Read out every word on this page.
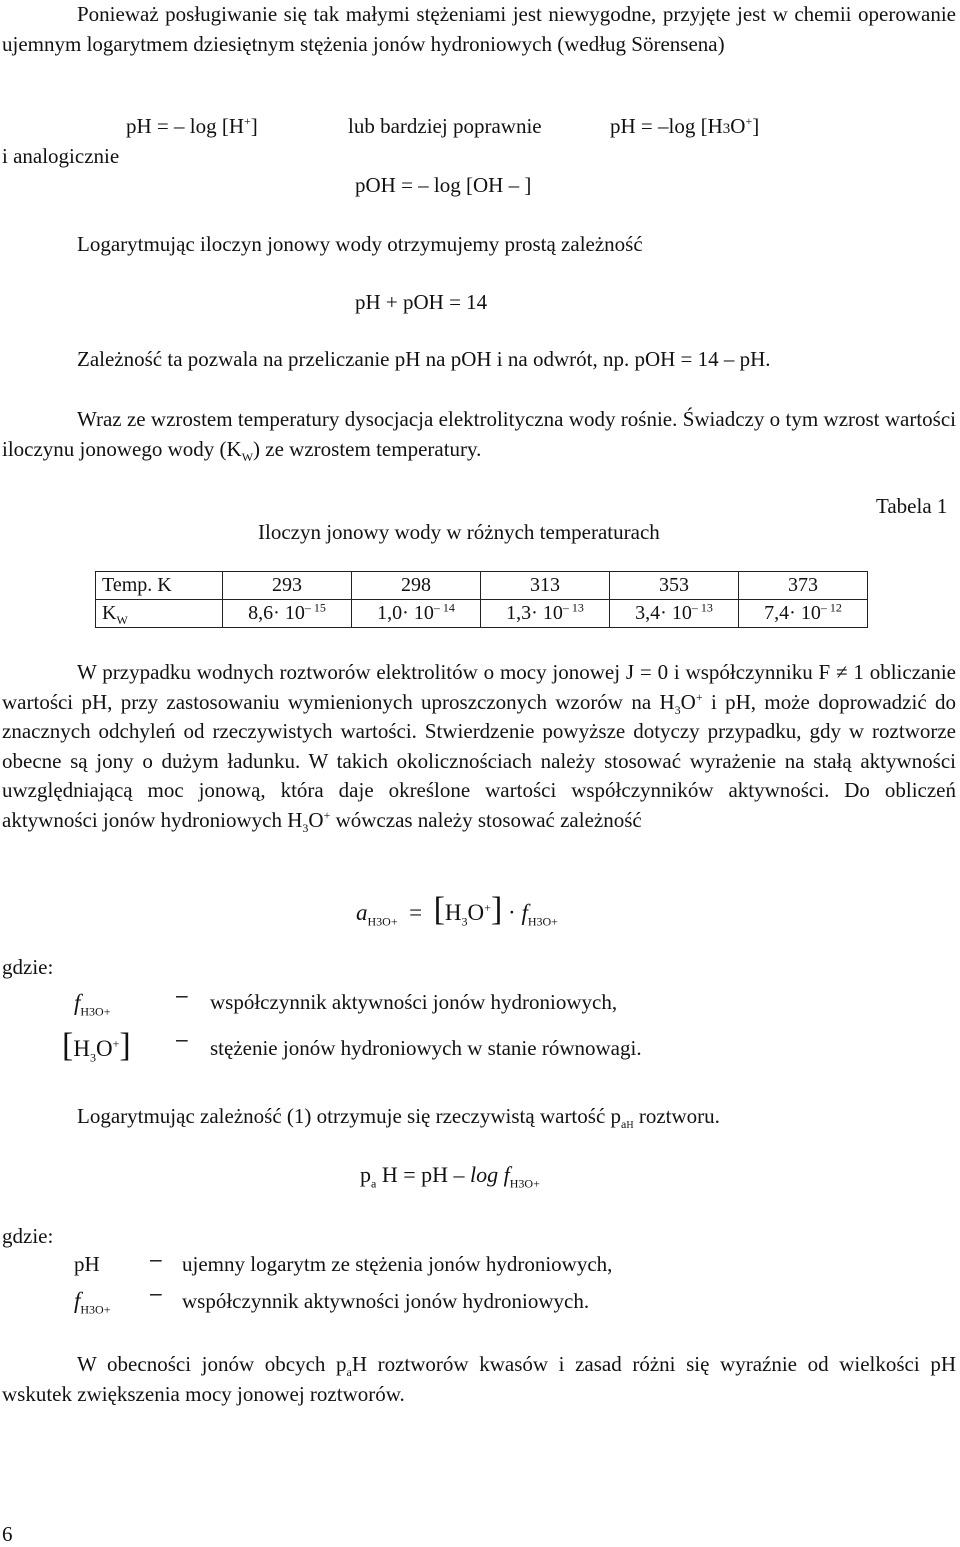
Ponieważ posługiwanie się tak małymi stężeniami jest niewygodne, przyjęte jest w chemii operowanie ujemnym logarytmem dziesiętnym stężenia jonów hydroniowych (według Sörensena)
pH = – log [H+]	lub bardziej poprawnie	pH = –log [H3O+]
i analogicznie
pOH = – log [OH – ]
Logarytmując iloczyn jonowy wody otrzymujemy prostą zależność
pH + pOH = 14
Zależność ta pozwala na przeliczanie pH na pOH i na odwrót, np. pOH = 14 – pH.
Wraz ze wzrostem temperatury dysocjacja elektrolityczna wody rośnie. Świadczy o tym wzrost wartości iloczynu jonowego wody $(K_W)$ ze wzrostem temperatury.
Tabela 1
Iloczyn jonowy wody w różnych temperaturach
Temp. K	293	298	313	353	373
$K_W$	$8,6\cdot 10^{- 15}$	$1,0\cdot 10^{- 14}$	$1,3\cdot 10^{- 13}$	$3,4\cdot 10^{- 13}$	$7,4\cdot 10^{- 12}$
W przypadku wodnych roztworów elektrolitów o mocy jonowej J = 0 i współczynniku F ≠ 1 obliczanie wartości pH, przy zastosowaniu wymienionych uproszczonych wzorów na $H_3O^+$ i pH, może doprowadzić do znacznych odchyleń od rzeczywistych wartości. Stwierdzenie powyższe dotyczy przypadku, gdy w roztworze obecne są jony o dużym ładunku. W takich okolicznościach należy stosować wyrażenie na stałą aktywności uwzględniającą moc jonową, która daje określone wartości współczynników aktywności. Do obliczeń aktywności jonów hydroniowych $H_3O^+$ wówczas należy stosować zależność
$a_{H3O+} = [H_3O^+] \cdot f_{H3O+}$
gdzie:
$f_{H3O+}$
– współczynnik aktywności jonów hydroniowych,
$[H_3O^+]$ – stężenie jonów hydroniowych w stanie równowagi.
Logarytmując zależność (1) otrzymuje się rzeczywistą wartość $p_{aH}$ roztworu.
$p_a$ H = pH – $\log f_{H3O+}$
gdzie:
pH – ujemny logarytm ze stężenia jonów hydroniowych,
$f_{H3O+}$
– współczynnik aktywności jonów hydroniowych.
W obecności jonów obcych $p_aH$ roztworów kwasów i zasad różni się wyraźnie od wielkości pH wskutek zwiększenia mocy jonowej roztworów.
6
